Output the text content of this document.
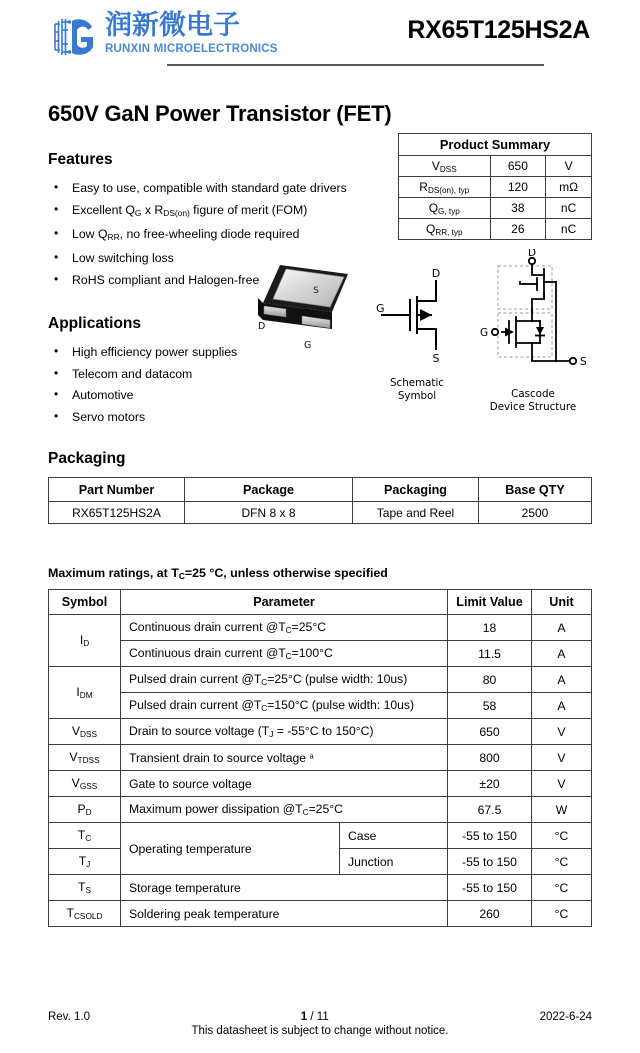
润新微电子
RUNXIN MICROELECTRONICS
RX65T125HS2A
650V GaN Power Transistor (FET)
Features
• Easy to use, compatible with standard gate drivers
• Excellent $Q_G$ x $R_{DS(on)}$ figure of merit (FOM)
• Low $Q_{RR}$, no free-wheeling diode required
• Low switching loss
• RoHS compliant and Halogen-free
Product Summary		
$V_{DSS}$	650	V
$R_{DS(on), typ}$	120	mΩ
$Q_{G, typ}$	38	nC
$Q_{RR, typ}$	26	nC
Applications
• High efficiency power supplies
• Telecom and datacom
• Automotive
• Servo motors
S
D
G
D
G
S
Schematic Symbol
D
G
S
Cascode
Device Structure
Packaging
Part Number	Package	Packaging	Base QTY
RX65T125HS2A	DFN 8 x 8	Tape and Reel	2500
Maximum ratings, at $T_C=25$ °C, unless otherwise specified
Symbol	Parameter		Limit Value	Unit
$I_D$	Continuous drain current $@T_C=25^\circ C$		18	A
	Continuous drain current $@T_C=100^\circ C$		11.5	A
$I_{DM}$	Pulsed drain current $@T_C=25^\circ C$ (pulse width: 10us)		80	A
	Pulsed drain current $@T_C=150^\circ C$ (pulse width: 10us)		58	A
$V_{DSS}$	Drain to source voltage ($T_J = -55^\circ C$ to 150°C)		650	V
$V_{TDSS}$	Transient drain to source voltage $^a$		800	V
$V_{GSS}$	Gate to source voltage		±20	V
$P_D$	Maximum power dissipation $@T_C=25^\circ C$		67.5	W
$T_C$	Operating temperature	Case	-55 to 150	°C
$T_J$		Junction	-55 to 150	°C
$T_S$	Storage temperature		-55 to 150	°C
$T_{CSOLD}$	Soldering peak temperature		260	°C
Rev. 1.0	1 / 11	2022-6-24
This datasheet is subject to change without notice.
